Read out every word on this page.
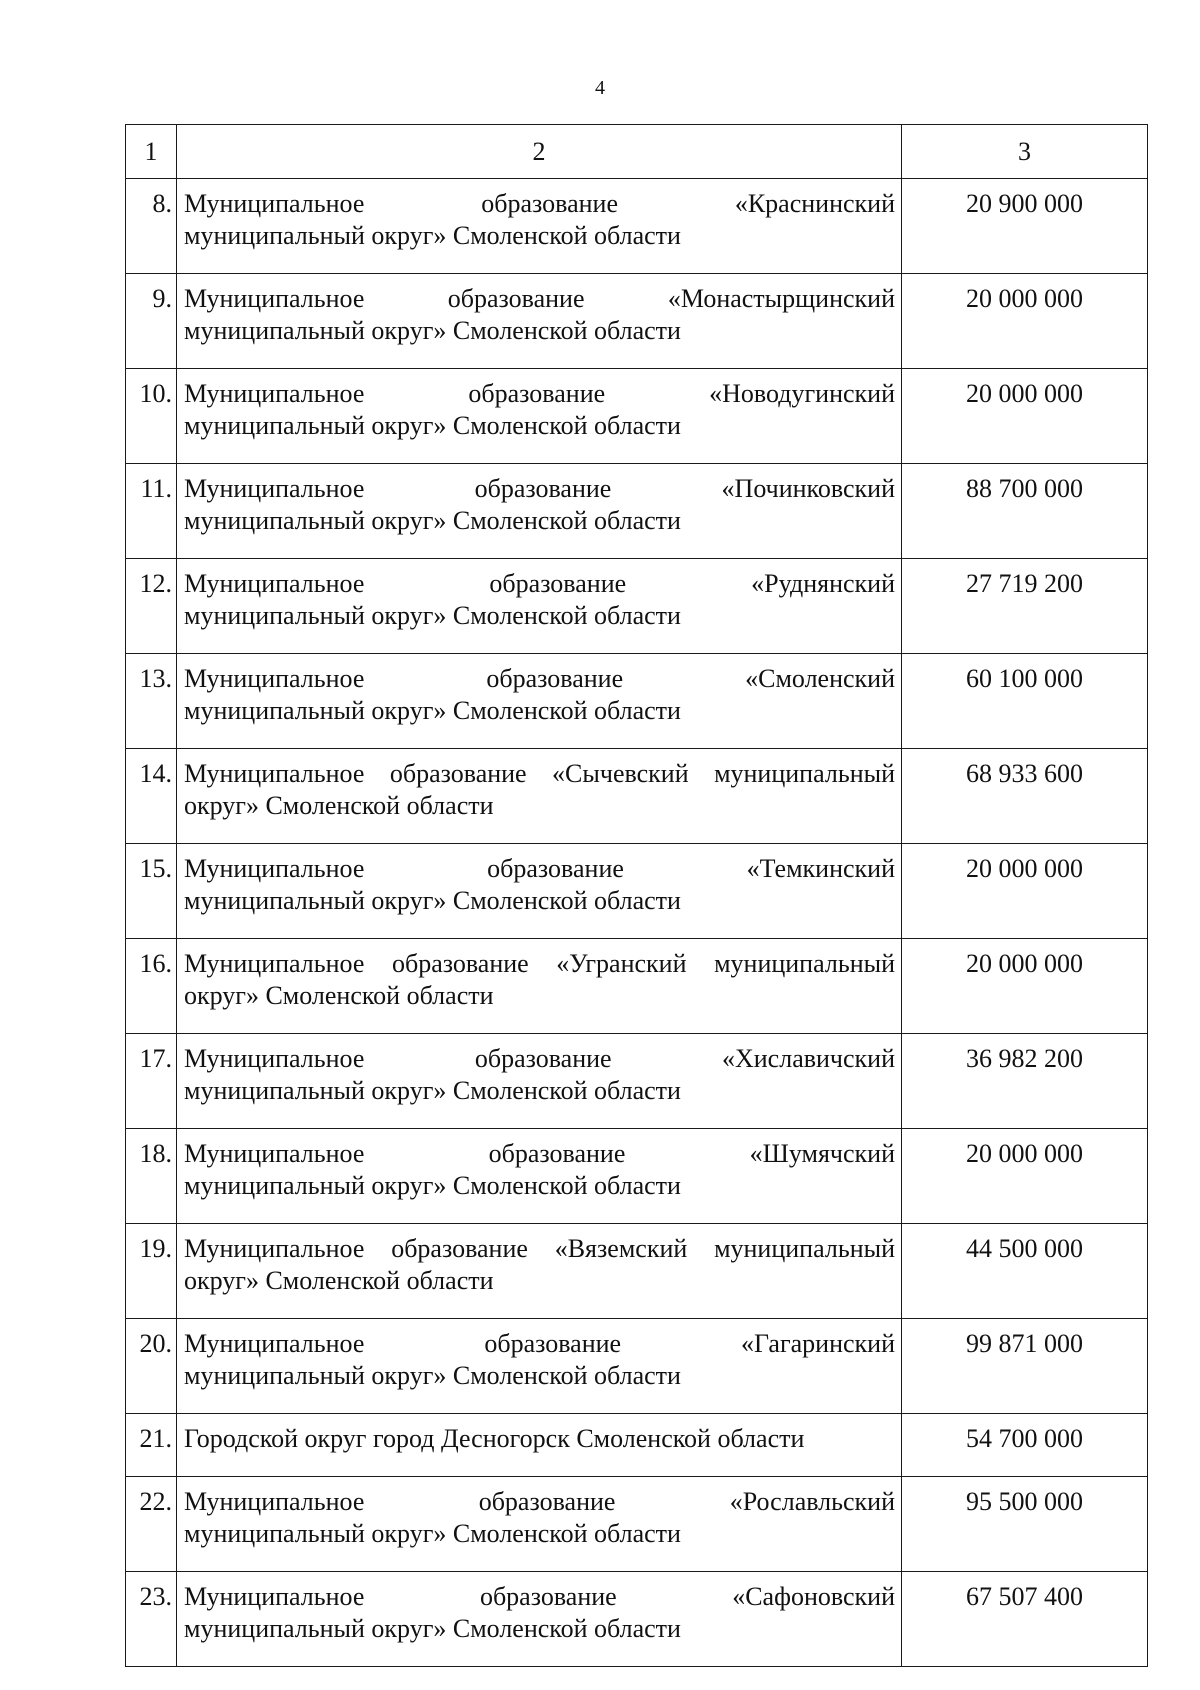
4
1	2	3
8.	Муниципальное образование «Краснинский
муниципальный округ» Смоленской области	20 900 000
9.	Муниципальное образование «Монастырщинский
муниципальный округ» Смоленской области	20 000 000
10.	Муниципальное образование «Новодугинский
муниципальный округ» Смоленской области	20 000 000
11.	Муниципальное образование «Починковский
муниципальный округ» Смоленской области	88 700 000
12.	Муниципальное образование «Руднянский
муниципальный округ» Смоленской области	27 719 200
13.	Муниципальное образование «Смоленский
муниципальный округ» Смоленской области	60 100 000
14.	Муниципальное образование «Сычевский муниципальный
округ» Смоленской области	68 933 600
15.	Муниципальное образование «Темкинский
муниципальный округ» Смоленской области	20 000 000
16.	Муниципальное образование «Угранский муниципальный
округ» Смоленской области	20 000 000
17.	Муниципальное образование «Хиславичский
муниципальный округ» Смоленской области	36 982 200
18.	Муниципальное образование «Шумячский
муниципальный округ» Смоленской области	20 000 000
19.	Муниципальное образование «Вяземский муниципальный
округ» Смоленской области	44 500 000
20.	Муниципальное образование «Гагаринский
муниципальный округ» Смоленской области	99 871 000
21.	Городской округ город Десногорск Смоленской области	54 700 000
22.	Муниципальное образование «Рославльский
муниципальный округ» Смоленской области	95 500 000
23.	Муниципальное образование «Сафоновский
муниципальный округ» Смоленской области	67 507 400
